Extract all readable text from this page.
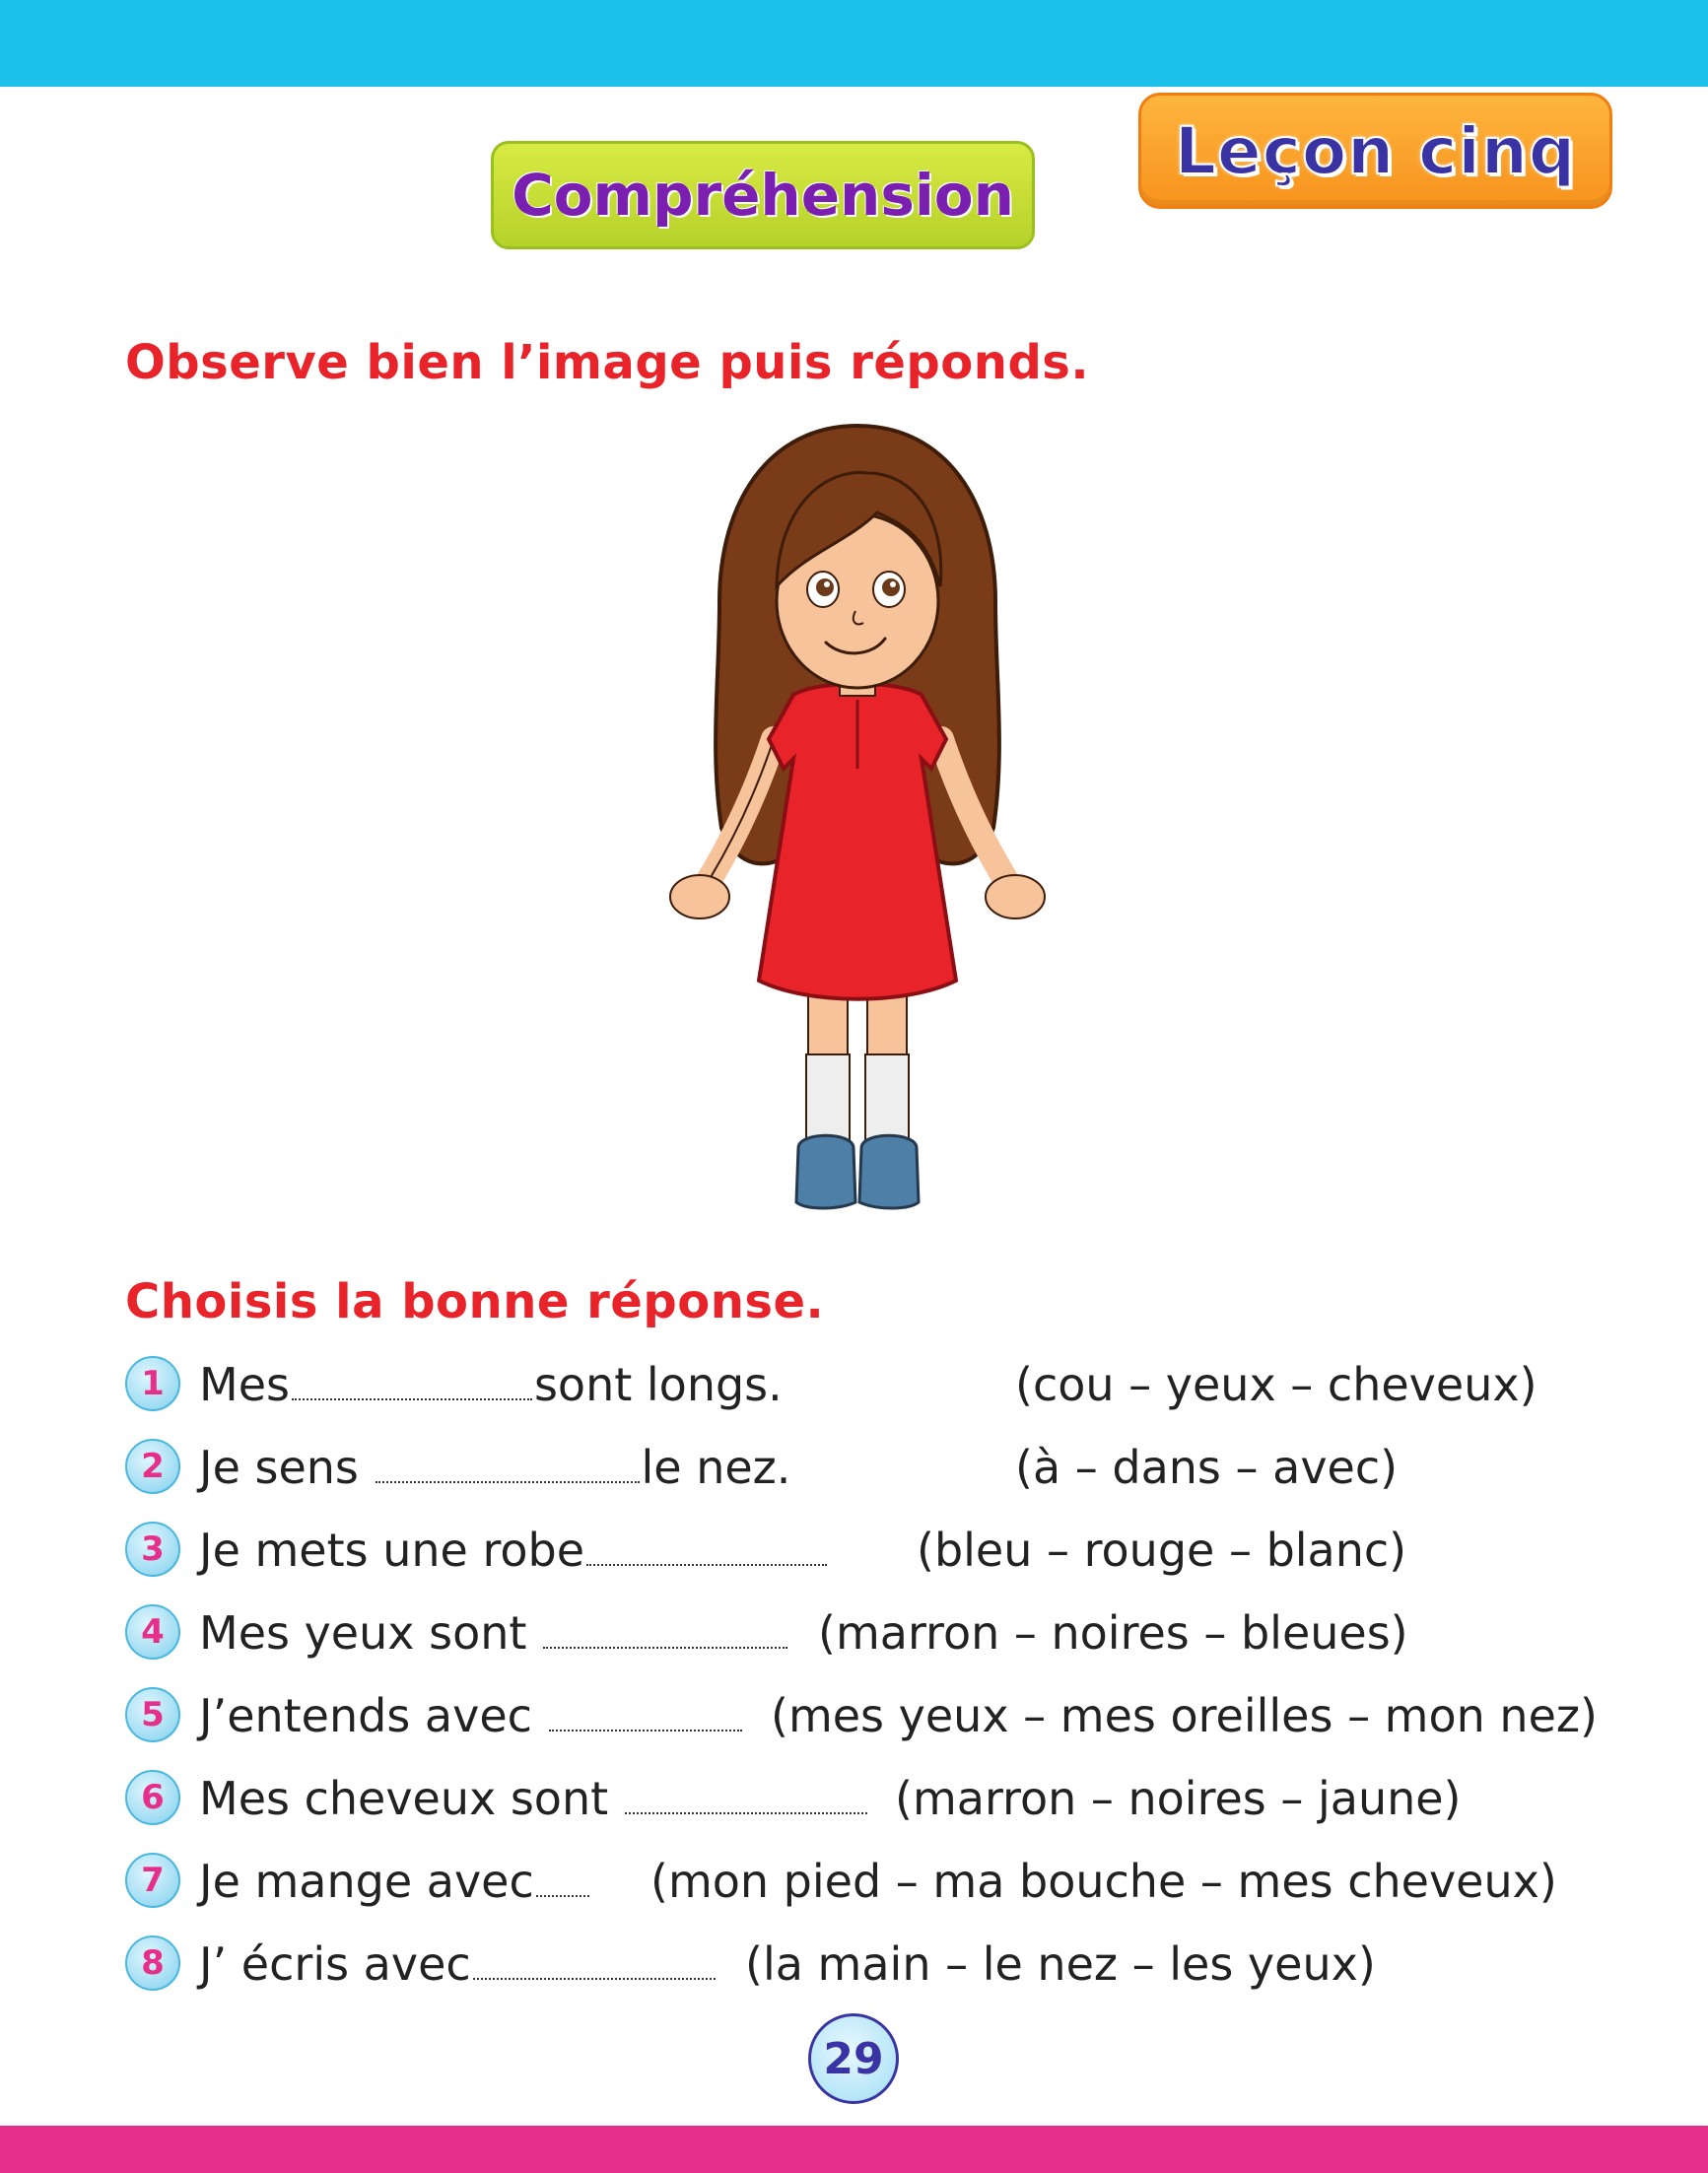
Leçon cinq
Compréhension

Observe bien l’image puis réponds.

Choisis la bonne réponse.

1 Mes	sont longs.	(cou – yeux – cheveux)
2 Je sens	le nez.	(à – dans – avec)
3 Je mets une robe	(bleu – rouge – blanc)
4 Mes yeux sont	(marron – noires – bleues)
5 J’entends avec	(mes yeux – mes oreilles – mon nez)
6 Mes cheveux sont	(marron – noires – jaune)
7 Je mange avec	(mon pied – ma bouche – mes cheveux)
8 J’ écris avec	(la main – le nez – les yeux)
29
